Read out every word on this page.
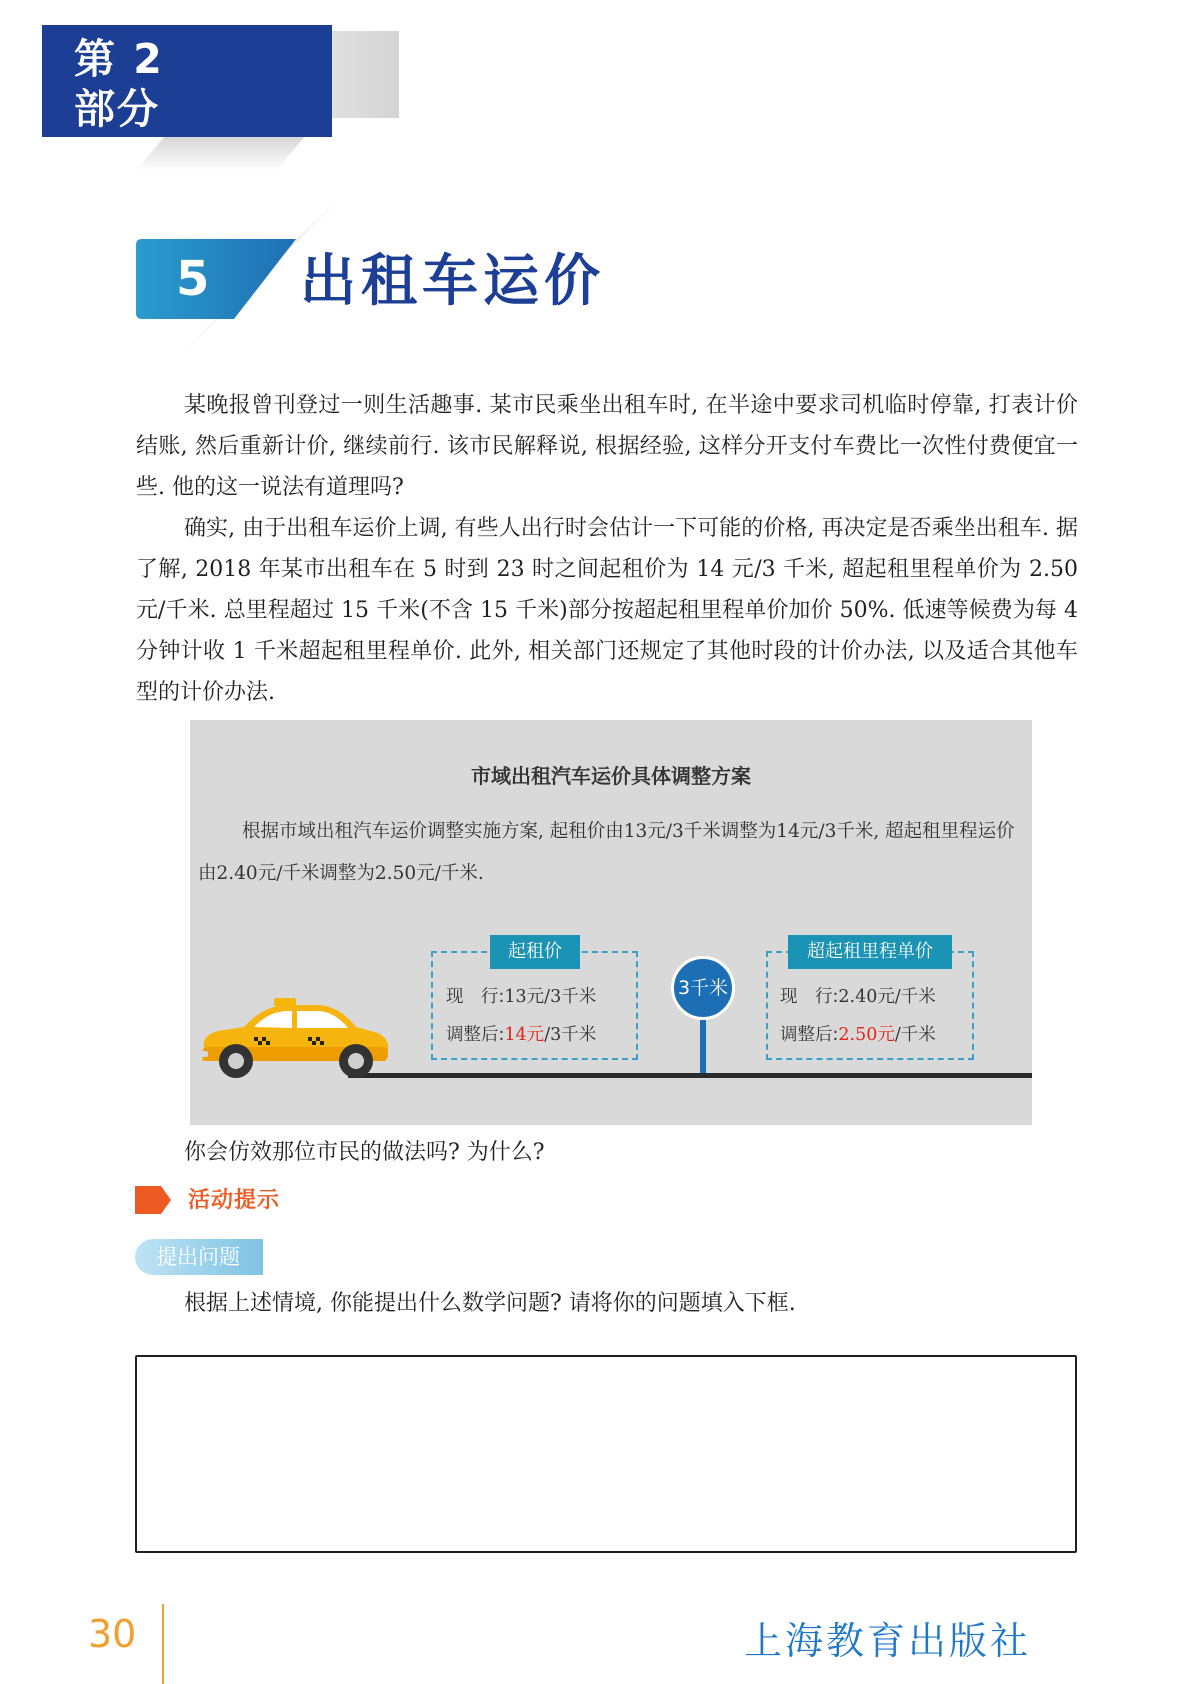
第 2
部分
数学建模活动 A
5 出租车运价
某晚报曾刊登过一则生活趣事. 某市民乘坐出租车时, 在半途中要求司机临时停靠, 打表计价结账, 然后重新计价, 继续前行. 该市民解释说, 根据经验, 这样分开支付车费比一次性付费便宜一些. 他的这一说法有道理吗?
确实, 由于出租车运价上调, 有些人出行时会估计一下可能的价格, 再决定是否乘坐出租车. 据了解, 2018 年某市出租车在 5 时到 23 时之间起租价为 14 元/3 千米, 超起租里程单价为 2.50 元/千米. 总里程超过 15 千米(不含 15 千米)部分按超起租里程单价加价 50%. 低速等候费为每 4 分钟计收 1 千米超起租里程单价. 此外, 相关部门还规定了其他时段的计价办法, 以及适合其他车型的计价办法.
市域出租汽车运价具体调整方案
根据市域出租汽车运价调整实施方案, 起租价由13元/3千米调整为14元/3千米, 超起租里程运价由2.40元/千米调整为2.50元/千米.
起租价
现　行:13元/3千米
调整后:14元/3千米
3千米
超起租里程单价
现　行:2.40元/千米
调整后:2.50元/千米
你会仿效那位市民的做法吗? 为什么?
活动提示
提出问题
根据上述情境, 你能提出什么数学问题? 请将你的问题填入下框.
30	上海教育出版社
